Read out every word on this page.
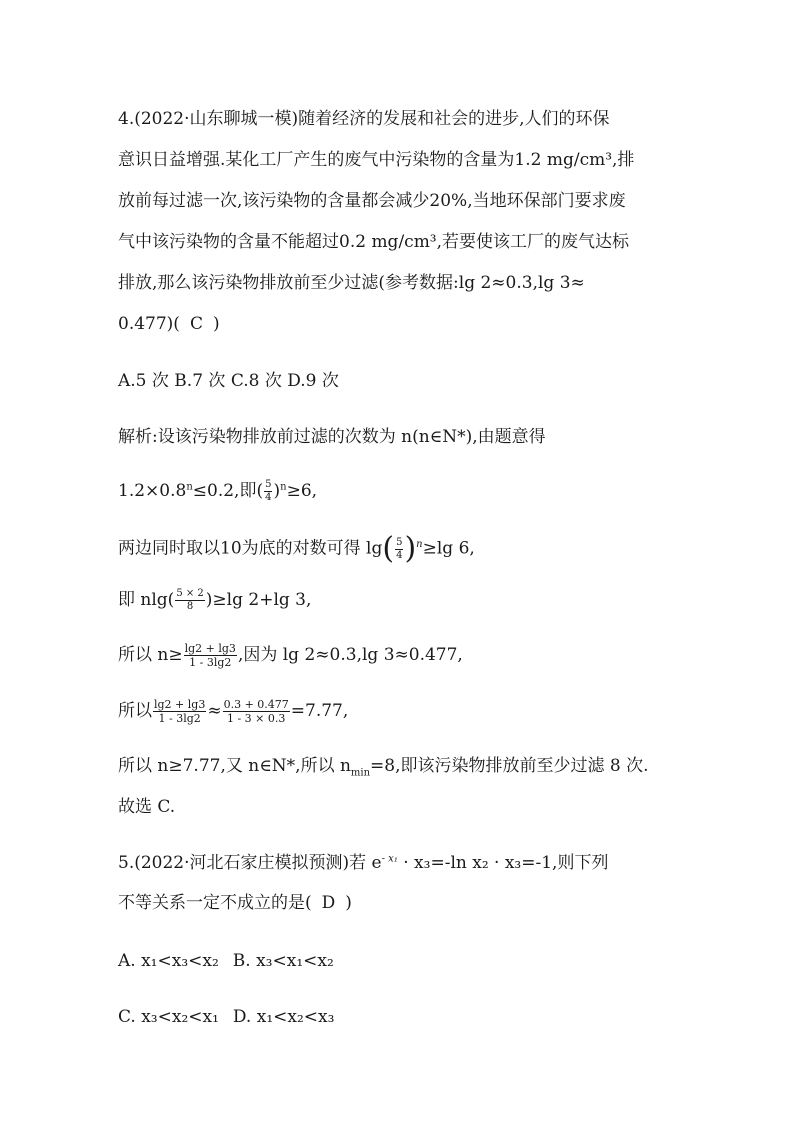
4.(2022·山东聊城一模)随着经济的发展和社会的进步,人们的环保
意识日益增强.某化工厂产生的废气中污染物的含量为1.2 mg/cm³,排
放前每过滤一次,该污染物的含量都会减少20%,当地环保部门要求废
气中该污染物的含量不能超过0.2 mg/cm³,若要使该工厂的废气达标
排放,那么该污染物排放前至少过滤(参考数据:lg 2≈0.3,lg 3≈
0.477)( C )
A.5 次 B.7 次 C.8 次 D.9 次
解析:设该污染物排放前过滤的次数为 n(n∈N*),由题意得
$1.2\times 0.8^n\le 0.2$,即( $\frac{5}{4} )^n\ge 6$,
两边同时取以10为底的对数可得 $\lg( \frac{5}{4} )^n\ge\lg$ 6,
即 $nlg( \frac{5 \times 2}{8} )\ge\lg$ 2+lg 3,
所以 $n\ge \frac{\lg 2 + \lg 3}{1 - 3\lg 2}$ ,因为 lg 2≈0.3,lg 3≈0.477,
所以 $\frac{\lg 2 + \lg 3}{1 - 3\lg 2} \approx \frac{0.3 + 0.477}{1 - 3 \times 0.3} =7.77$,
所以 n≥7.77,又 n∈N*,所以 $n_{min}=8$,即该污染物排放前至少过滤 8 次.
故选 C.
5.(2022·河北石家庄模拟预测)若 $e^{- x_1} \cdot x_3=-\ln$ x₂ · x₃=-1,则下列
不等关系一定不成立的是( D )
A. x₁<x₃<x₂ B. x₃<x₁<x₂
C. x₃<x₂<x₁ D. x₁<x₂<x₃
